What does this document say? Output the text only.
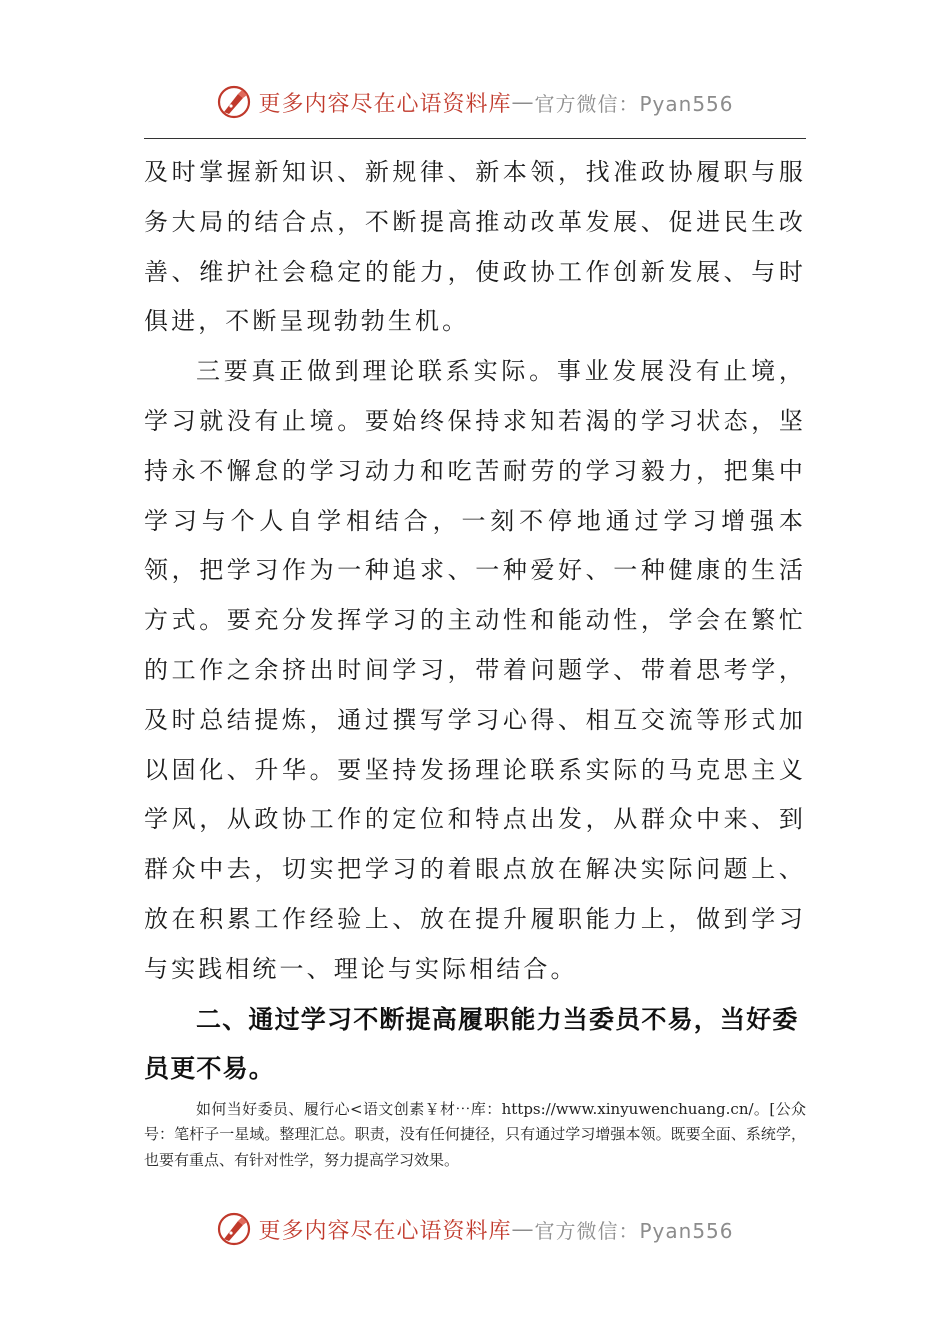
更多内容尽在心语资料库 — 官方微信：Pyan556

及时掌握新知识、新规律、新本领，找准政协履职与服务大局的结合点，不断提高推动改革发展、促进民生改善、维护社会稳定的能力，使政协工作创新发展、与时俱进，不断呈现勃勃生机。

三要真正做到理论联系实际。事业发展没有止境，学习就没有止境。要始终保持求知若渴的学习状态，坚持永不懈怠的学习动力和吃苦耐劳的学习毅力，把集中学习与个人自学相结合，一刻不停地通过学习增强本领，把学习作为一种追求、一种爱好、一种健康的生活方式。要充分发挥学习的主动性和能动性，学会在繁忙的工作之余挤出时间学习，带着问题学、带着思考学，及时总结提炼，通过撰写学习心得、相互交流等形式加以固化、升华。要坚持发扬理论联系实际的马克思主义学风，从政协工作的定位和特点出发，从群众中来、到群众中去，切实把学习的着眼点放在解决实际问题上、放在积累工作经验上、放在提升履职能力上，做到学习与实践相统一、理论与实际相结合。

二、通过学习不断提高履职能力当委员不易，当好委员更不易。

如何当好委员、履行心<语文创素￥材⋯库：https://www.xinyuwenchuang.cn/。[公众号：笔杆子一星域。整理汇总。职责，没有任何捷径，只有通过学习增强本领。既要全面、系统学，也要有重点、有针对性学，努力提高学习效果。

更多内容尽在心语资料库 — 官方微信：Pyan556
